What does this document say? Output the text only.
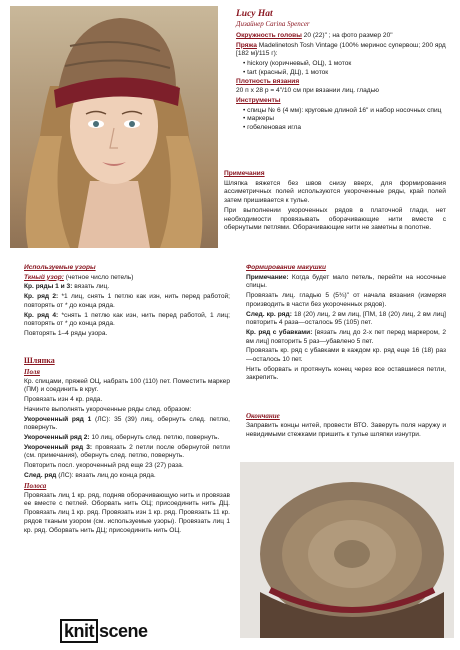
Lucy Hat
Дизайнер Carina Spencer

Окружность головы 20 (22)" ; на фото размер 20"

Пряжа Madelinetosh Tosh Vintage (100% меринос супервош; 200 ярд [182 м]/115 г):

• hickory (коричневый, ОЦ), 1 моток
• tart (красный, ДЦ), 1 моток

Плотность вязания

20 п х 28 р = 4"/10 см при вязании лиц. гладью

Инструменты

• спицы № 6 (4 мм): круговые длиной 16" и набор носочных спиц
• маркеры
• гобеленовая игла

Примечания

Шляпка вяжется без швов снизу вверх, для формирования ассиметричных полей используются укороченные ряды, край полей затем пришивается к тулье.

При выполнении укороченных рядов в платочной глади, нет необходимости провязывать оборачивающие нити вместе с обернутыми петлями. Оборачивающие нити не заметны в полотне.

Используемые узоры

Ткный узор: (четное число петель)

Кр. ряды 1 и 3: вязать лиц.

Кр. ряд 2: *1 лиц, снять 1 петлю как изн, нить перед работой; повторять от * до конца ряда.

Кр. ряд 4: *снять 1 петлю как изн, нить перед работой, 1 лиц; повторять от * до конца ряда.

Повторять 1–4 ряды узора.

Шляпка

Поля

Кр. спицами, пряжей ОЦ, набрать 100 (110) пет. Поместить маркер (ПМ) и соединить в круг.

Провязать изн 4 кр. ряда.

Начинте выполнять укороченные ряды след. образом:

Укороченный ряд 1 (ЛС): 35 (39) лиц, обернуть след. петлю, повернуть.

Укороченный ряд 2: 10 лиц, обернуть след. петлю, повернуть.

Укороченный ряд 3: провязать 2 петли после обернутой петли (см. примечания), обернуть след. петлю, повернуть.

Повторить посл. укороченный ряд еще 23 (27) раза.

След. ряд (ЛС): вязать лиц до конца ряда.

Полоса

Провязать лиц 1 кр. ряд, подняв оборачивающую нить и провязав ее вместе с петлей. Оборвать нить ОЦ; присоединить нить ДЦ. Провязать лиц 1 кр. ряд. Провязать изн 1 кр. ряд. Провязать 11 кр. рядов тканым узором (см. используемые узоры). Провязать лиц 1 кр. ряд. Оборвать нить ДЦ; присоединить нить ОЦ.

Формирование макушки

Примечание: Когда будет мало петель, перейти на носочные спицы.

Провязать лиц. гладью 5 (5¾)" от начала вязания (измеряя производить в части без укороченных рядов).

След. кр. ряд: 18 (20) лиц, 2 вм лиц, [ПМ, 18 (20) лиц, 2 вм лиц] повторить 4 раза—осталось 95 (105) пет.

Кр. ряд с убавками: [вязать лиц до 2-х пет перед маркером, 2 вм лиц] повторить 5 раз—убавлено 5 пет.

Провязать кр. ряд с убавками в каждом кр. ряд еще 16 (18) раз—осталось 10 пет.

Нить оборвать и протянуть конец через все оставшиеся петли, закрепить.

Окончание

Заправить концы нитей, провести ВТО. Заверуть поля наружу и невидимыми стежками пришить к тулье шляпки изнутри.

knit scene
